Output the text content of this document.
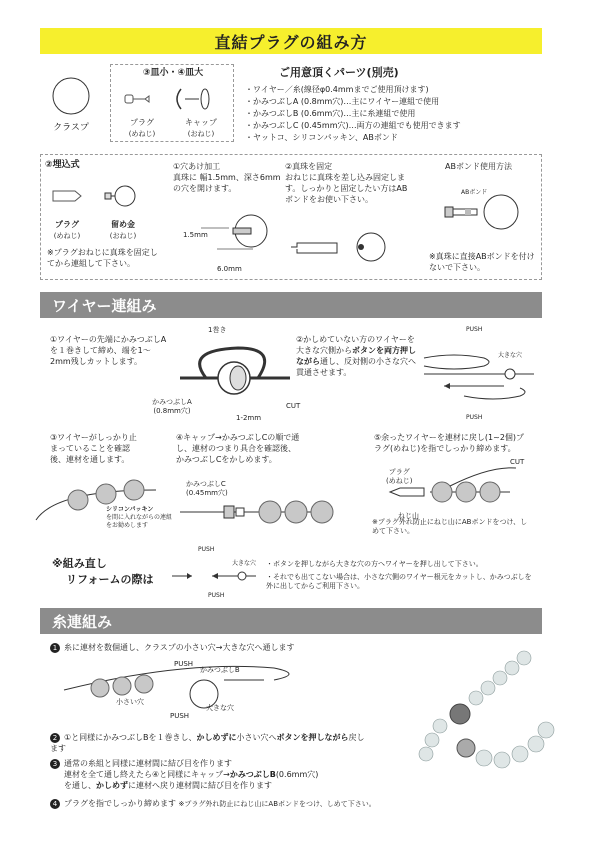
直結プラグの組み方
クラスプ
③皿小・④皿大
プラグ
(めねじ)
キャップ
(おねじ)
ご用意頂くパーツ(別売)
・ワイヤー／糸(線径φ0.4mmまでご使用頂けます)
・かみつぶしA (0.8mm穴)…主にワイヤー連組で使用
・かみつぶしB (0.6mm穴)…主に糸連組で使用
・かみつぶしC (0.45mm穴)…両方の連組でも使用できます
・ヤットコ、シリコンパッキン、ABボンド
②埋込式
プラグ
(めねじ)
留め金
(おねじ)
※プラグおねじに真珠を固定してから連組して下さい。
①穴あけ加工
真珠に 幅1.5mm、深さ6mm の穴を開けます。
1.5mm
6.0mm
②真珠を固定
おねじに真珠を差し込み固定します。しっかりと固定したい方はABボンドをお使い下さい。
ABボンド使用方法
ABボンド
※真珠に直接ABボンドを付けないで下さい。
ワイヤー連組み
①ワイヤーの先端にかみつぶしAを１巻きして締め、端を1〜2mm残しカットします。
1巻き
かみつぶしA
(0.8mm穴)
1-2mm
CUT
②かしめていない方のワイヤーを大きな穴側からボタンを両方押しながら通し、反対側の小さな穴へ貫通させます。
PUSH
大きな穴
PUSH
③ワイヤーがしっかり止まっていることを確認後、連材を通します。
シリコンパッキン
を間に入れながらの連組をお勧めします
④キャップ→かみつぶしCの順で通し、連材のつまり具合を確認後、かみつぶしCをかしめます。
かみつぶしC
(0.45mm穴)
⑤余ったワイヤーを連材に戻し(1~2個)プラグ(めねじ)を指でしっかり締めます。
プラグ
(めねじ)
ねじ山
CUT
※プラグ外れ防止にねじ山にABボンドをつけ、しめて下さい。
※組み直し
リフォームの際は
PUSH
大きな穴
PUSH
・ボタンを押しながら大きな穴の方へワイヤーを押し出して下さい。
・それでも出てこない場合は、小さな穴側のワイヤー根元をカットし、かみつぶしを外に出してからご利用下さい。
糸連組み
1 糸に連材を数個通し、クラスプの小さい穴→大きな穴へ通します
PUSH
かみつぶしB
小さい穴
大きな穴
PUSH
2 ①と同様にかみつぶしBを１巻きし、かしめずに小さい穴へボタンを押しながら戻します
3 通常の糸組と同様に連材間に結び目を作ります
連材を全て通し終えたら④と同様にキャップ→かみつぶしB(0.6mm穴)
を通し、かしめずに連材へ戻り連材間に結び目を作ります
4 プラグを指でしっかり締めます ※プラグ外れ防止にねじ山にABボンドをつけ、しめて下さい。
